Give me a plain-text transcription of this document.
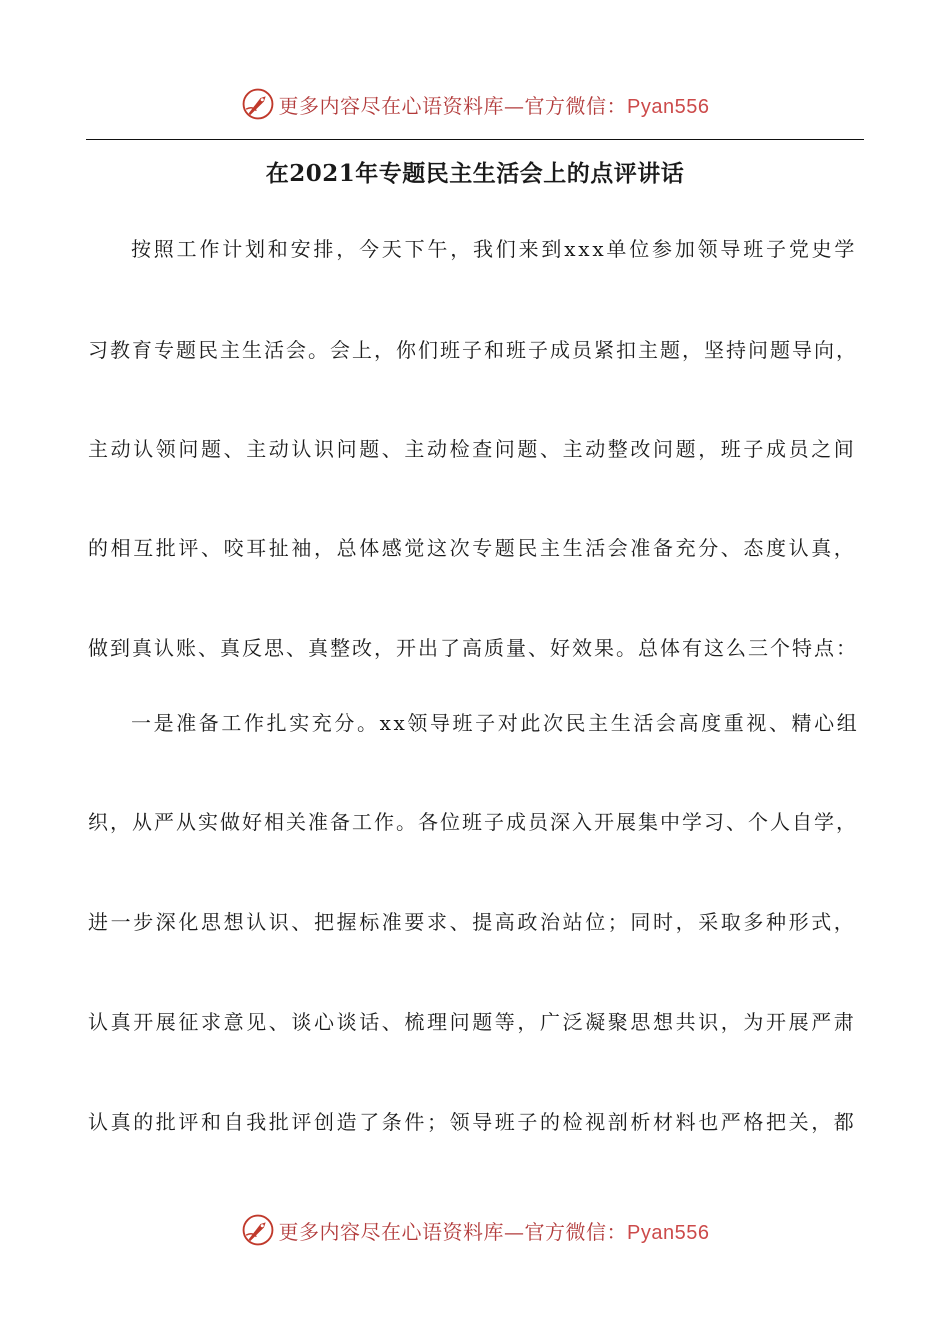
更多内容尽在心语资料库—官方微信：Pyan556
在2021年专题民主生活会上的点评讲话
按照工作计划和安排，今天下午，我们来到xxx单位参加领导班子党史学
习教育专题民主生活会。会上，你们班子和班子成员紧扣主题，坚持问题导向，
主动认领问题、主动认识问题、主动检查问题、主动整改问题，班子成员之间
的相互批评、咬耳扯袖，总体感觉这次专题民主生活会准备充分、态度认真，
做到真认账、真反思、真整改，开出了高质量、好效果。总体有这么三个特点：
一是准备工作扎实充分。xx领导班子对此次民主生活会高度重视、精心组
织，从严从实做好相关准备工作。各位班子成员深入开展集中学习、个人自学，
进一步深化思想认识、把握标准要求、提高政治站位；同时，采取多种形式，
认真开展征求意见、谈心谈话、梳理问题等，广泛凝聚思想共识，为开展严肃
认真的批评和自我批评创造了条件；领导班子的检视剖析材料也严格把关，都
更多内容尽在心语资料库—官方微信：Pyan556
